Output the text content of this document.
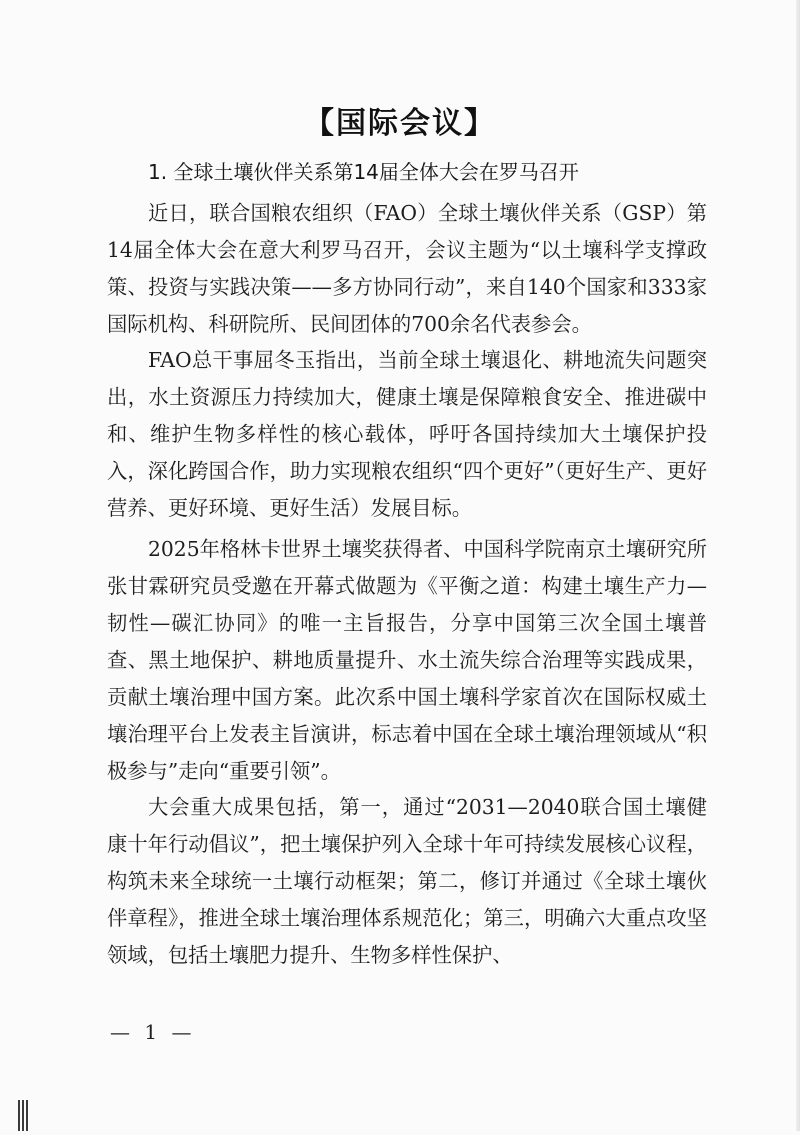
【国际会议】
1. 全球土壤伙伴关系第14届全体大会在罗马召开

近日，联合国粮农组织（FAO）全球土壤伙伴关系（GSP）第14届全体大会在意大利罗马召开，会议主题为“以土壤科学支撑政策、投资与实践决策——多方协同行动”，来自140个国家和333家国际机构、科研院所、民间团体的700余名代表参会。

FAO总干事屈冬玉指出，当前全球土壤退化、耕地流失问题突出，水土资源压力持续加大，健康土壤是保障粮食安全、推进碳中和、维护生物多样性的核心载体，呼吁各国持续加大土壤保护投入，深化跨国合作，助力实现粮农组织“四个更好”（更好生产、更好营养、更好环境、更好生活）发展目标。

2025年格林卡世界土壤奖获得者、中国科学院南京土壤研究所张甘霖研究员受邀在开幕式做题为《平衡之道：构建土壤生产力—韧性—碳汇协同》的唯一主旨报告，分享中国第三次全国土壤普查、黑土地保护、耕地质量提升、水土流失综合治理等实践成果，贡献土壤治理中国方案。此次系中国土壤科学家首次在国际权威土壤治理平台上发表主旨演讲，标志着中国在全球土壤治理领域从“积极参与”走向“重要引领”。

大会重大成果包括，第一，通过“2031—2040联合国土壤健康十年行动倡议”，把土壤保护列入全球十年可持续发展核心议程，构筑未来全球统一土壤行动框架；第二，修订并通过《全球土壤伙伴章程》，推进全球土壤治理体系规范化；第三，明确六大重点攻坚领域，包括土壤肥力提升、生物多样性保护、

— 1 —
